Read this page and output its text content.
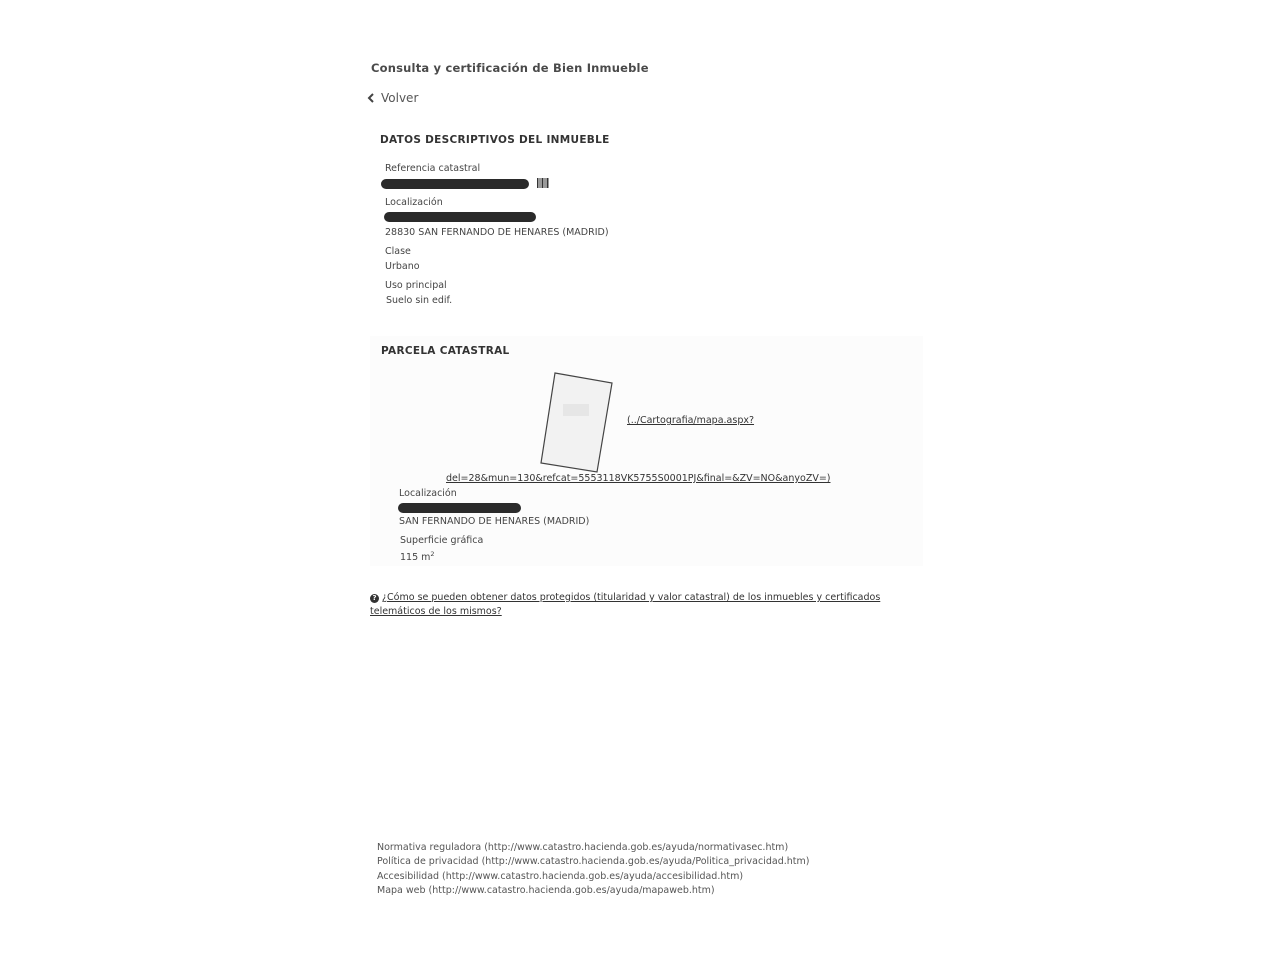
Consulta y certificación de Bien Inmueble
Volver
DATOS DESCRIPTIVOS DEL INMUEBLE
Referencia catastral
Localización
28830 SAN FERNANDO DE HENARES (MADRID)
Clase
Urbano
Uso principal
Suelo sin edif.
PARCELA CATASTRAL
(../Cartografia/mapa.aspx?
del=28&mun=130&refcat=5553118VK5755S0001PJ&final=&ZV=NO&anyoZV=)
Localización
SAN FERNANDO DE HENARES (MADRID)
Superficie gráfica
115 $m^2$
? ¿Cómo se pueden obtener datos protegidos (titularidad y valor catastral) de los inmuebles y certificados telemáticos de los mismos?
Normativa reguladora (http://www.catastro.hacienda.gob.es/ayuda/normativasec.htm)
Política de privacidad (http://www.catastro.hacienda.gob.es/ayuda/Politica_privacidad.htm)
Accesibilidad (http://www.catastro.hacienda.gob.es/ayuda/accesibilidad.htm)
Mapa web (http://www.catastro.hacienda.gob.es/ayuda/mapaweb.htm)
